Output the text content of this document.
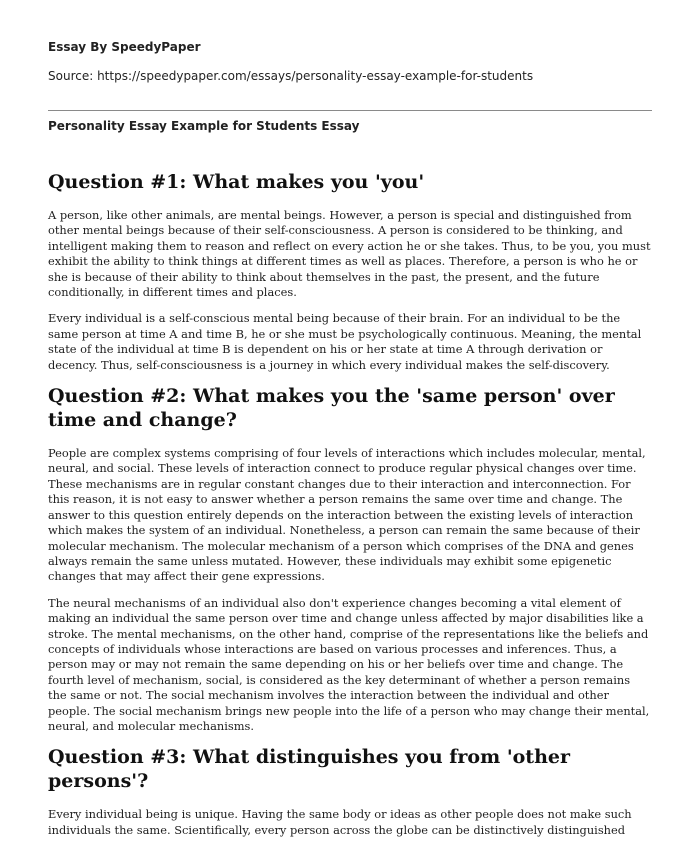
Essay By SpeedyPaper

Source: https://speedypaper.com/essays/personality-essay-example-for-students

Personality Essay Example for Students Essay

Question #1: What makes you 'you'

A person, like other animals, are mental beings. However, a person is special and distinguished from other mental beings because of their self-consciousness. A person is considered to be thinking, and intelligent making them to reason and reflect on every action he or she takes. Thus, to be you, you must exhibit the ability to think things at different times as well as places. Therefore, a person is who he or she is because of their ability to think about themselves in the past, the present, and the future conditionally, in different times and places.

Every individual is a self-conscious mental being because of their brain. For an individual to be the same person at time A and time B, he or she must be psychologically continuous. Meaning, the mental state of the individual at time B is dependent on his or her state at time A through derivation or decency. Thus, self-consciousness is a journey in which every individual makes the self-discovery.

Question #2: What makes you the 'same person' over time and change?

People are complex systems comprising of four levels of interactions which includes molecular, mental, neural, and social. These levels of interaction connect to produce regular physical changes over time. These mechanisms are in regular constant changes due to their interaction and interconnection. For this reason, it is not easy to answer whether a person remains the same over time and change. The answer to this question entirely depends on the interaction between the existing levels of interaction which makes the system of an individual. Nonetheless, a person can remain the same because of their molecular mechanism. The molecular mechanism of a person which comprises of the DNA and genes always remain the same unless mutated. However, these individuals may exhibit some epigenetic changes that may affect their gene expressions.

The neural mechanisms of an individual also don't experience changes becoming a vital element of making an individual the same person over time and change unless affected by major disabilities like a stroke. The mental mechanisms, on the other hand, comprise of the representations like the beliefs and concepts of individuals whose interactions are based on various processes and inferences. Thus, a person may or may not remain the same depending on his or her beliefs over time and change. The fourth level of mechanism, social, is considered as the key determinant of whether a person remains the same or not. The social mechanism involves the interaction between the individual and other people. The social mechanism brings new people into the life of a person who may change their mental, neural, and molecular mechanisms.

Question #3: What distinguishes you from 'other persons'?

Every individual being is unique. Having the same body or ideas as other people does not make such individuals the same. Scientifically, every person across the globe can be distinctively distinguished
